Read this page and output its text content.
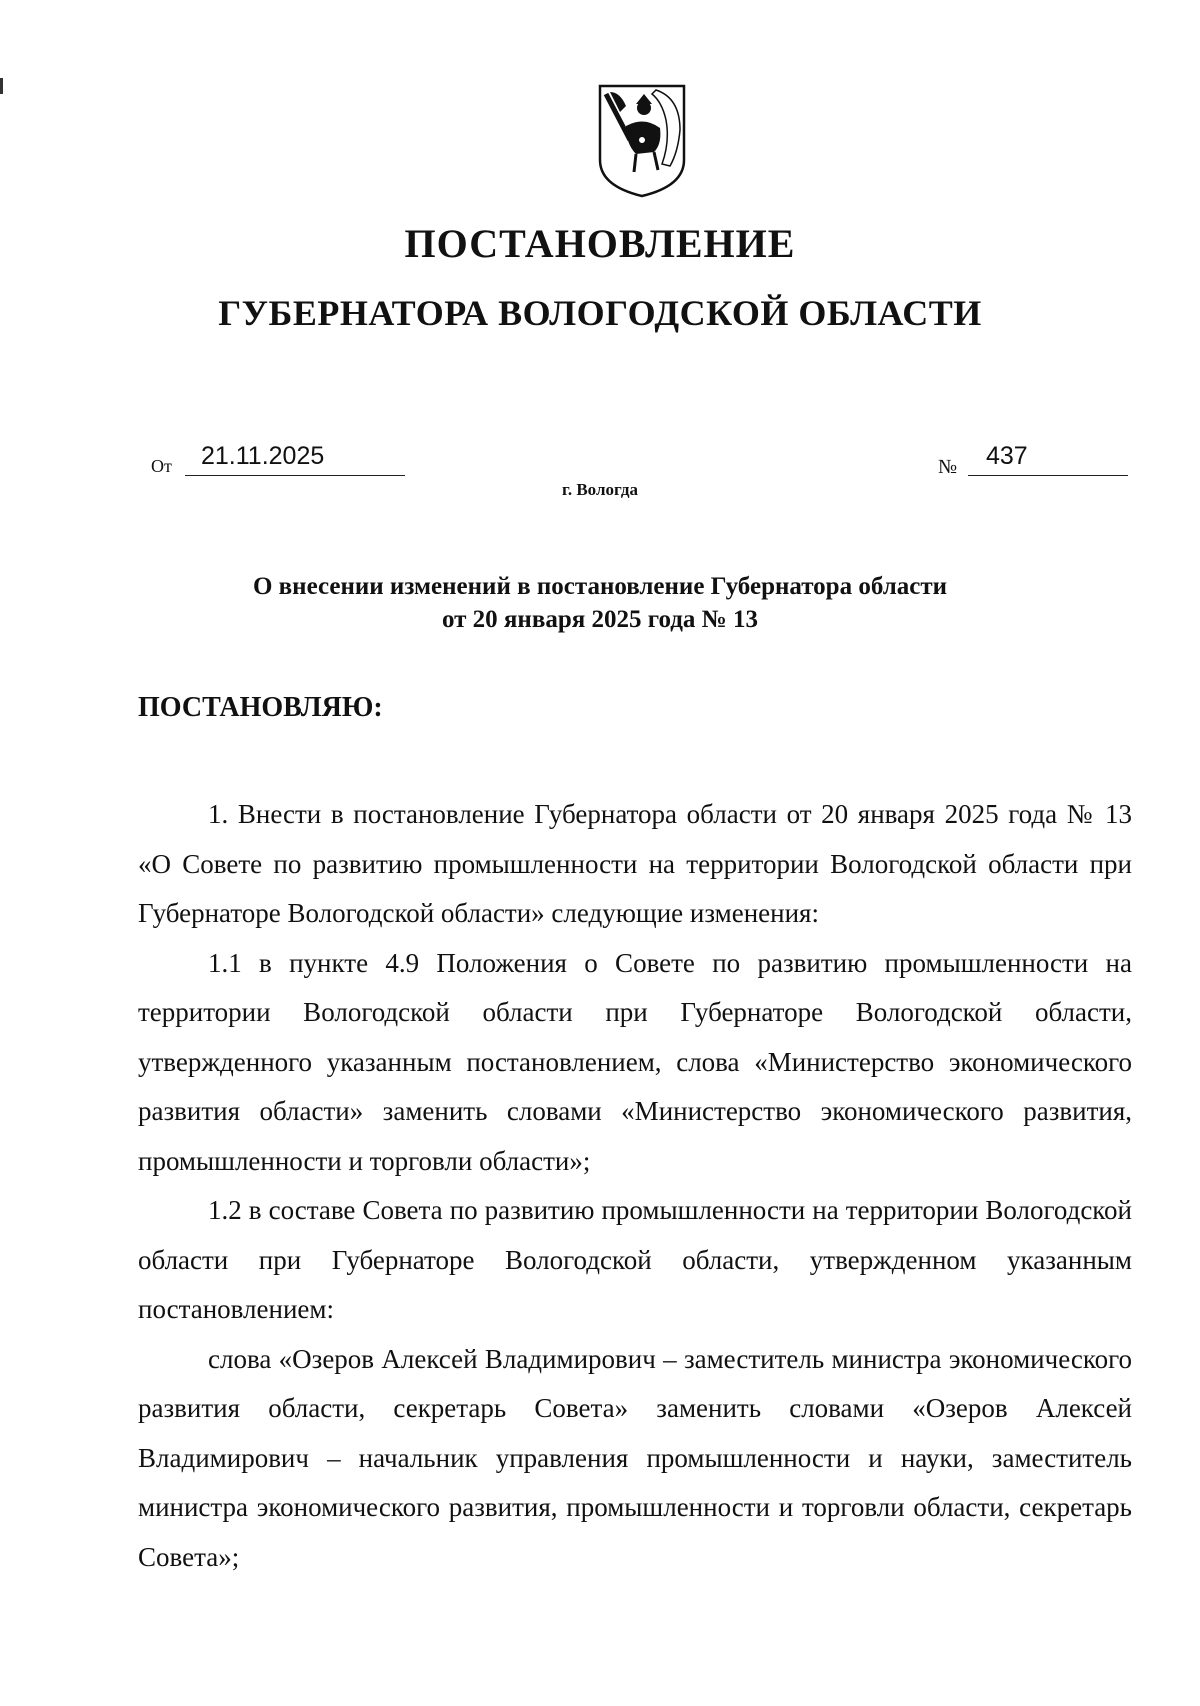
ПОСТАНОВЛЕНИЕ
ГУБЕРНАТОРА ВОЛОГОДСКОЙ ОБЛАСТИ
От	21.11.2025	№	437
г. Вологда

О внесении изменений в постановление Губернатора области
от 20 января 2025 года № 13

ПОСТАНОВЛЯЮ:

1. Внести в постановление Губернатора области от 20 января 2025 года № 13 «О Совете по развитию промышленности на территории Вологодской области при Губернаторе Вологодской области» следующие изменения:

1.1 в пункте 4.9 Положения о Совете по развитию промышленности на территории Вологодской области при Губернаторе Вологодской области, утвержденного указанным постановлением, слова «Министерство экономического развития области» заменить словами «Министерство экономического развития, промышленности и торговли области»;

1.2 в составе Совета по развитию промышленности на территории Вологодской области при Губернаторе Вологодской области, утвержденном указанным постановлением:

слова «Озеров Алексей Владимирович – заместитель министра экономического развития области, секретарь Совета» заменить словами «Озеров Алексей Владимирович – начальник управления промышленности и науки, заместитель министра экономического развития, промышленности и торговли области, секретарь Совета»;
